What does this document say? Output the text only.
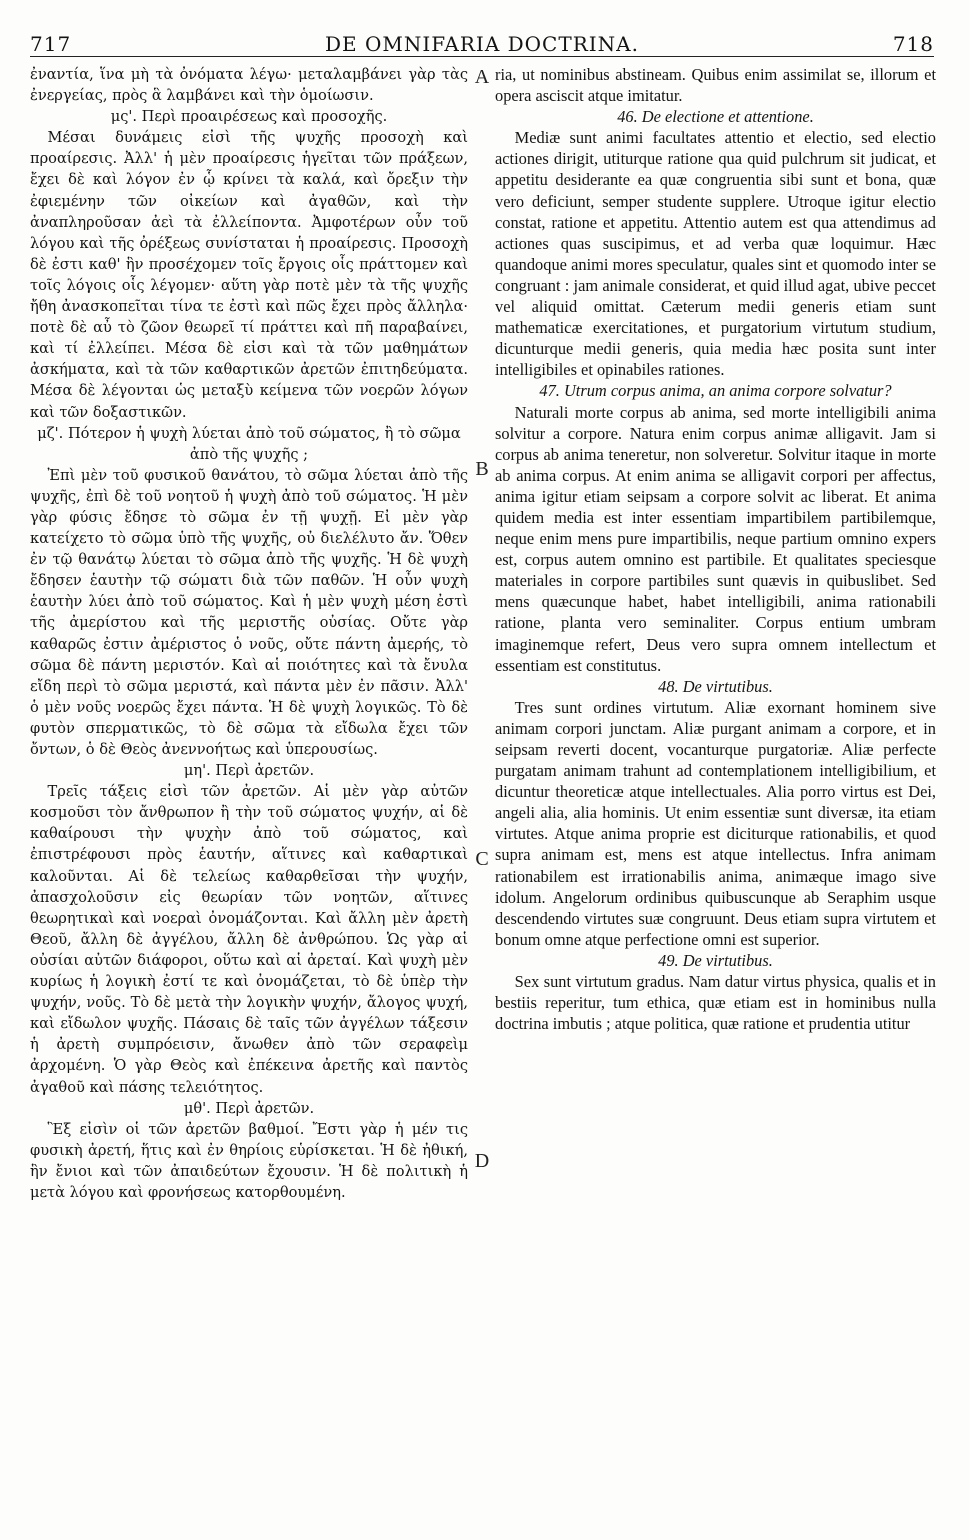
717	DE OMNIFARIA DOCTRINA.	718

ἐναντία, ἵνα μὴ τὰ ὀνόματα λέγω· μεταλαμβάνει γὰρ τὰς ἐνεργείας, πρὸς ἃ λαμβάνει καὶ τὴν ὁμοίωσιν.

μς'. Περὶ προαιρέσεως καὶ προσοχῆς.

Μέσαι δυνάμεις εἰσὶ τῆς ψυχῆς προσοχὴ καὶ προαίρεσις. Ἀλλ' ἡ μὲν προαίρεσις ἡγεῖται τῶν πράξεων, ἔχει δὲ καὶ λόγον ἐν ᾧ κρίνει τὰ καλά, καὶ ὄρεξιν τὴν ἐφιεμένην τῶν οἰκείων καὶ ἀγαθῶν, καὶ τὴν ἀναπληροῦσαν ἀεὶ τὰ ἐλλείποντα. Ἀμφοτέρων οὖν τοῦ λόγου καὶ τῆς ὀρέξεως συνίσταται ἡ προαίρεσις. Προσοχὴ δὲ ἐστι καθ' ἣν προσέχομεν τοῖς ἔργοις οἷς πράττομεν καὶ τοῖς λόγοις οἷς λέγομεν· αὕτη γὰρ ποτὲ μὲν τὰ τῆς ψυχῆς ἤθη ἀνασκοπεῖται τίνα τε ἐστὶ καὶ πῶς ἔχει πρὸς ἄλληλα· ποτὲ δὲ αὖ τὸ ζῶον θεωρεῖ τί πράττει καὶ πῆ παραβαίνει, καὶ τί ἐλλείπει. Μέσα δὲ εἰσι καὶ τὰ τῶν μαθημάτων ἀσκήματα, καὶ τὰ τῶν καθαρτικῶν ἀρετῶν ἐπιτηδεύματα. Μέσα δὲ λέγονται ὡς μεταξὺ κείμενα τῶν νοερῶν λόγων καὶ τῶν δοξαστικῶν.

μζ'. Πότερον ἡ ψυχὴ λύεται ἀπὸ τοῦ σώματος, ἢ τὸ σῶμα ἀπὸ τῆς ψυχῆς ;

Ἐπὶ μὲν τοῦ φυσικοῦ θανάτου, τὸ σῶμα λύεται ἀπὸ τῆς ψυχῆς, ἐπὶ δὲ τοῦ νοητοῦ ἡ ψυχὴ ἀπὸ τοῦ σώματος. Ἡ μὲν γὰρ φύσις ἔδησε τὸ σῶμα ἐν τῇ ψυχῇ. Εἰ μὲν γὰρ κατείχετο τὸ σῶμα ὑπὸ τῆς ψυχῆς, οὐ διελέλυτο ἄν. Ὅθεν ἐν τῷ θανάτῳ λύεται τὸ σῶμα ἀπὸ τῆς ψυχῆς. Ἡ δὲ ψυχὴ ἔδησεν ἑαυτὴν τῷ σώματι διὰ τῶν παθῶν. Ἡ οὖν ψυχὴ ἑαυτὴν λύει ἀπὸ τοῦ σώματος. Καὶ ἡ μὲν ψυχὴ μέση ἐστὶ τῆς ἀμερίστου καὶ τῆς μεριστῆς οὐσίας. Οὔτε γὰρ καθαρῶς ἐστιν ἀμέριστος ὁ νοῦς, οὔτε πάντη ἀμερής, τὸ σῶμα δὲ πάντη μεριστόν. Καὶ αἱ ποιότητες καὶ τὰ ἔνυλα εἴδη περὶ τὸ σῶμα μεριστά, καὶ πάντα μὲν ἐν πᾶσιν. Ἀλλ' ὁ μὲν νοῦς νοερῶς ἔχει πάντα. Ἡ δὲ ψυχὴ λογικῶς. Τὸ δὲ φυτὸν σπερματικῶς, τὸ δὲ σῶμα τὰ εἴδωλα ἔχει τῶν ὄντων, ὁ δὲ Θεὸς ἀνεννοήτως καὶ ὑπερουσίως.

μη'. Περὶ ἀρετῶν.

Τρεῖς τάξεις εἰσὶ τῶν ἀρετῶν. Αἱ μὲν γὰρ αὐτῶν κοσμοῦσι τὸν ἄνθρωπον ἢ τὴν τοῦ σώματος ψυχήν, αἱ δὲ καθαίρουσι τὴν ψυχὴν ἀπὸ τοῦ σώματος, καὶ ἐπιστρέφουσι πρὸς ἑαυτήν, αἵτινες καὶ καθαρτικαὶ καλοῦνται. Αἱ δὲ τελείως καθαρθεῖσαι τὴν ψυχήν, ἀπασχολοῦσιν εἰς θεωρίαν τῶν νοητῶν, αἵτινες θεωρητικαὶ καὶ νοεραὶ ὀνομάζονται. Καὶ ἄλλη μὲν ἀρετὴ Θεοῦ, ἄλλη δὲ ἀγγέλου, ἄλλη δὲ ἀνθρώπου. Ὡς γὰρ αἱ οὐσίαι αὐτῶν διάφοροι, οὕτω καὶ αἱ ἀρεταί. Καὶ ψυχὴ μὲν κυρίως ἡ λογικὴ ἐστί τε καὶ ὀνομάζεται, τὸ δὲ ὑπὲρ τὴν ψυχήν, νοῦς. Τὸ δὲ μετὰ τὴν λογικὴν ψυχήν, ἄλογος ψυχή, καὶ εἴδωλον ψυχῆς. Πάσαις δὲ ταῖς τῶν ἀγγέλων τάξεσιν ἡ ἀρετὴ συμπρόεισιν, ἄνωθεν ἀπὸ τῶν σεραφεὶμ ἀρχομένη. Ὁ γὰρ Θεὸς καὶ ἐπέκεινα ἀρετῆς καὶ παντὸς ἀγαθοῦ καὶ πάσης τελειότητος.

μθ'. Περὶ ἀρετῶν.

Ἓξ εἰσὶν οἱ τῶν ἀρετῶν βαθμοί. Ἔστι γὰρ ἡ μέν τις φυσικὴ ἀρετή, ἥτις καὶ ἐν θηρίοις εὑρίσκεται. Ἡ δὲ ἠθική, ἣν ἔνιοι καὶ τῶν ἀπαιδεύτων ἔχουσιν. Ἡ δὲ πολιτικὴ ἡ μετὰ λόγου καὶ φρονήσεως κατορθουμένη.

A
B
C
D

ria, ut nominibus abstineam. Quibus enim assimilat se, illorum et opera asciscit atque imitatur.

46. De electione et attentione.

Mediæ sunt animi facultates attentio et electio, sed electio actiones dirigit, utiturque ratione qua quid pulchrum sit judicat, et appetitu desiderante ea quæ congruentia sibi sunt et bona, quæ vero deficiunt, semper studente supplere. Utroque igitur electio constat, ratione et appetitu. Attentio autem est qua attendimus ad actiones quas suscipimus, et ad verba quæ loquimur. Hæc quandoque animi mores speculatur, quales sint et quomodo inter se congruant : jam animale considerat, et quid illud agat, ubive peccet vel aliquid omittat. Cæterum medii generis etiam sunt mathematicæ exercitationes, et purgatorium virtutum studium, dicunturque medii generis, quia media hæc posita sunt inter intelligibiles et opinabiles rationes.

47. Utrum corpus anima, an anima corpore solvatur?

Naturali morte corpus ab anima, sed morte intelligibili anima solvitur a corpore. Natura enim corpus animæ alligavit. Jam si corpus ab anima teneretur, non solveretur. Solvitur itaque in morte ab anima corpus. At enim anima se alligavit corpori per affectus, anima igitur etiam seipsam a corpore solvit ac liberat. Et anima quidem media est inter essentiam impartibilem partibilemque, neque enim mens pure impartibilis, neque partium omnino expers est, corpus autem omnino est partibile. Et qualitates speciesque materiales in corpore partibiles sunt quævis in quibuslibet. Sed mens quæcunque habet, habet intelligibili, anima rationabili ratione, planta vero seminaliter. Corpus entium umbram imaginemque refert, Deus vero supra omnem intellectum et essentiam est constitutus.

48. De virtutibus.

Tres sunt ordines virtutum. Aliæ exornant hominem sive animam corpori junctam. Aliæ purgant animam a corpore, et in seipsam reverti docent, vocanturque purgatoriæ. Aliæ perfecte purgatam animam trahunt ad contemplationem intelligibilium, et dicuntur theoreticæ atque intellectuales. Alia porro virtus est Dei, angeli alia, alia hominis. Ut enim essentiæ sunt diversæ, ita etiam virtutes. Atque anima proprie est diciturque rationabilis, et quod supra animam est, mens est atque intellectus. Infra animam rationabilem est irrationabilis anima, animæque imago sive idolum. Angelorum ordinibus quibuscunque ab Seraphim usque descendendo virtutes suæ congruunt. Deus etiam supra virtutem et bonum omne atque perfectione omni est superior.

49. De virtutibus.

Sex sunt virtutum gradus. Nam datur virtus physica, qualis et in bestiis reperitur, tum ethica, quæ etiam est in hominibus nulla doctrina imbutis ; atque politica, quæ ratione et prudentia utitur
